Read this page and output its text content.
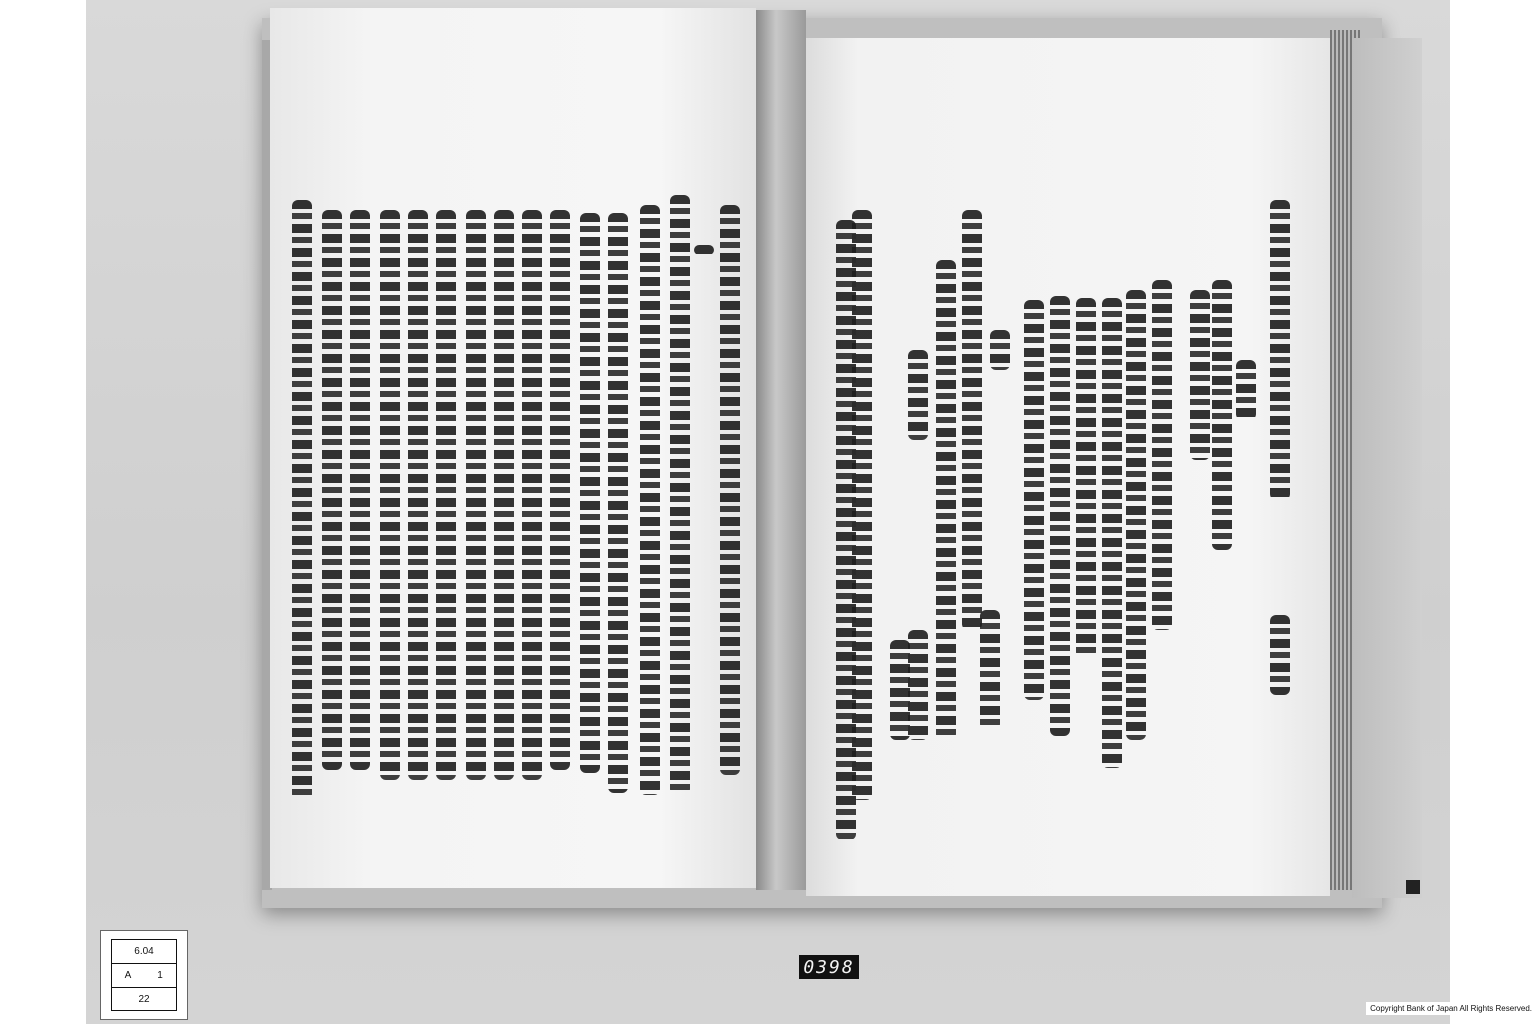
6.04
A	1
22
0398
Copyright Bank of Japan All Rights Reserved.
